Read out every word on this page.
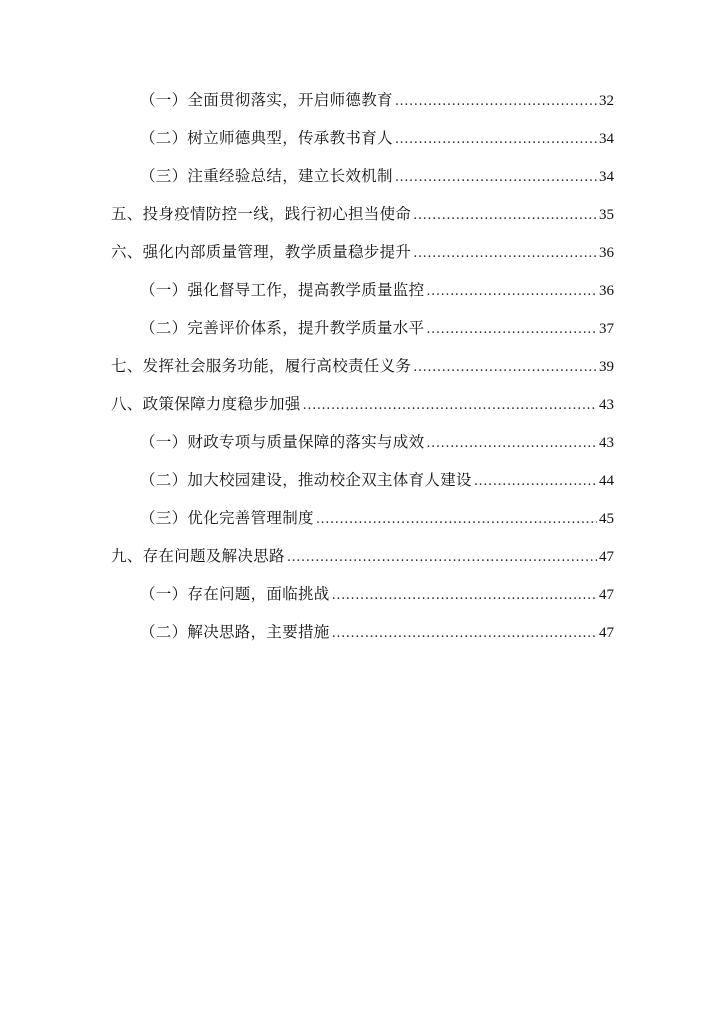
（一）全面贯彻落实，开启师德教育 .....	32
（二）树立师德典型，传承教书育人 .....	34
（三）注重经验总结，建立长效机制 .....	34
五、投身疫情防控一线，践行初心担当使命 .....	35
六、强化内部质量管理，教学质量稳步提升 .....	36
（一）强化督导工作，提高教学质量监控 .....	36
（二）完善评价体系，提升教学质量水平 .....	37
七、发挥社会服务功能，履行高校责任义务 .....	39
八、政策保障力度稳步加强 .....	43
（一）财政专项与质量保障的落实与成效 .....	43
（二）加大校园建设，推动校企双主体育人建设 .....	44
（三）优化完善管理制度 .....	45
九、存在问题及解决思路 .....	47
（一）存在问题，面临挑战 .....	47
（二）解决思路，主要措施 .....	47
